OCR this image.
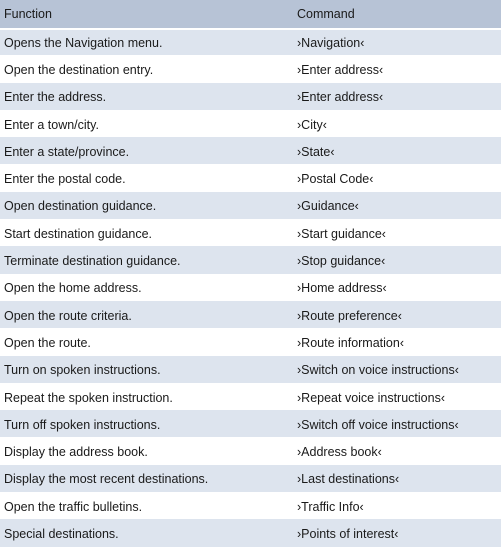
Function	Command
Opens the Navigation menu.	›Navigation‹
Open the destination entry.	›Enter address‹
Enter the address.	›Enter address‹
Enter a town/city.	›City‹
Enter a state/province.	›State‹
Enter the postal code.	›Postal Code‹
Open destination guidance.	›Guidance‹
Start destination guidance.	›Start guidance‹
Terminate destination guidance.	›Stop guidance‹
Open the home address.	›Home address‹
Open the route criteria.	›Route preference‹
Open the route.	›Route information‹
Turn on spoken instructions.	›Switch on voice instructions‹
Repeat the spoken instruction.	›Repeat voice instructions‹
Turn off spoken instructions.	›Switch off voice instructions‹
Display the address book.	›Address book‹
Display the most recent destinations.	›Last destinations‹
Open the traffic bulletins.	›Traffic Info‹
Special destinations.	›Points of interest‹
